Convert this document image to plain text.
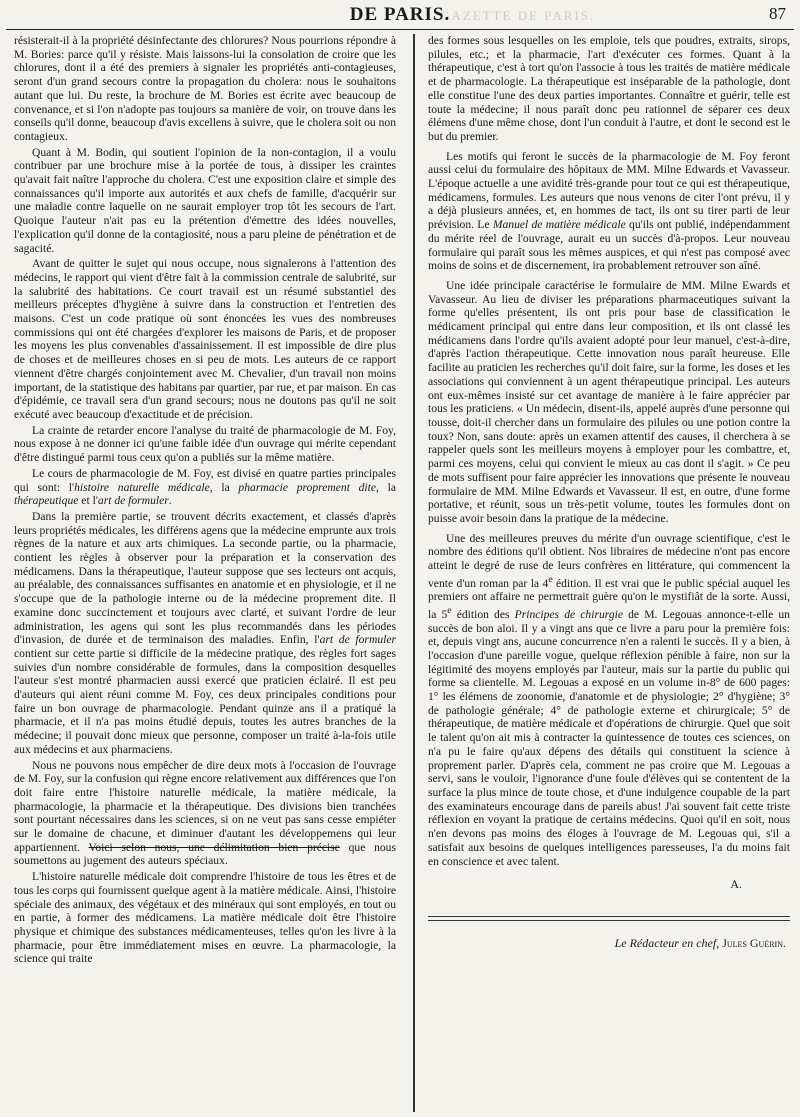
GAZETTE DE PARIS.
DE PARIS.	87

résisterait-il à la propriété désinfectante des chlorures? Nous pourrions répondre à M. Bories: parce qu'il y résiste. Mais laissons-lui la consolation de croire que les chlorures, dont il a été des premiers à signaler les propriétés anti-contagieuses, seront d'un grand secours contre la propagation du cholera: nous le souhaitons autant que lui. Du reste, la brochure de M. Bories est écrite avec beaucoup de convenance, et si l'on n'adopte pas toujours sa manière de voir, on trouve dans les conseils qu'il donne, beaucoup d'avis excellens à suivre, que le cholera soit ou non contagieux.

Quant à M. Bodin, qui soutient l'opinion de la non-contagion, il a voulu contribuer par une brochure mise à la portée de tous, à dissiper les craintes qu'avait fait naître l'approche du cholera. C'est une exposition claire et simple des connaissances qu'il importe aux autorités et aux chefs de famille, d'acquérir sur une maladie contre laquelle on ne saurait employer trop tôt les secours de l'art. Quoique l'auteur n'ait pas eu la prétention d'émettre des idées nouvelles, l'explication qu'il donne de la contagiosité, nous a paru pleine de pénétration et de sagacité.

Avant de quitter le sujet qui nous occupe, nous signalerons à l'attention des médecins, le rapport qui vient d'être fait à la commission centrale de salubrité, sur la salubrité des habitations. Ce court travail est un résumé substantiel des meilleurs préceptes d'hygiène à suivre dans la construction et l'entretien des maisons. C'est un code pratique où sont énoncées les vues des nombreuses commissions qui ont été chargées d'explorer les maisons de Paris, et de proposer les moyens les plus convenables d'assainissement. Il est impossible de dire plus de choses et de meilleures choses en si peu de mots. Les auteurs de ce rapport viennent d'être chargés conjointement avec M. Chevalier, d'un travail non moins important, de la statistique des habitans par quartier, par rue, et par maison. En cas d'épidémie, ce travail sera d'un grand secours; nous ne doutons pas qu'il ne soit exécuté avec beaucoup d'exactitude et de précision.

La crainte de retarder encore l'analyse du traité de pharmacologie de M. Foy, nous expose à ne donner ici qu'une faible idée d'un ouvrage qui mérite cependant d'être distingué parmi tous ceux qu'on a publiés sur la même matière.

Le cours de pharmacologie de M. Foy, est divisé en quatre parties principales qui sont: l'histoire naturelle médicale, la pharmacie proprement dite, la thérapeutique et l'art de formuler.

Dans la première partie, se trouvent décrits exactement, et classés d'après leurs propriétés médicales, les différens agens que la médecine emprunte aux trois règnes de la nature et aux arts chimiques. La seconde partie, ou la pharmacie, contient les règles à observer pour la préparation et la conservation des médicamens. Dans la thérapeutique, l'auteur suppose que ses lecteurs ont acquis, au préalable, des connaissances suffisantes en anatomie et en physiologie, et il ne s'occupe que de la pathologie interne ou de la médecine proprement dite. Il examine donc succinctement et toujours avec clarté, et suivant l'ordre de leur administration, les agens qui sont les plus recommandés dans les périodes d'invasion, de durée et de terminaison des maladies. Enfin, l'art de formuler contient sur cette partie si difficile de la médecine pratique, des règles fort sages suivies d'un nombre considérable de formules, dans la composition desquelles l'auteur s'est montré pharmacien aussi exercé que praticien éclairé. Il est peu d'auteurs qui aient réuni comme M. Foy, ces deux principales conditions pour faire un bon ouvrage de pharmacologie. Pendant quinze ans il a pratiqué la pharmacie, et il n'a pas moins étudié depuis, toutes les autres branches de la médecine; il pouvait donc mieux que personne, composer un traité à-la-fois utile aux médecins et aux pharmaciens.

Nous ne pouvons nous empêcher de dire deux mots à l'occasion de l'ouvrage de M. Foy, sur la confusion qui règne encore relativement aux différences que l'on doit faire entre l'histoire naturelle médicale, la matière médicale, la pharmacologie, la pharmacie et la thérapeutique. Des divisions bien tranchées sont pourtant nécessaires dans les sciences, si on ne veut pas sans cesse empiéter sur le domaine de chacune, et diminuer d'autant les développemens qui leur appartiennent. Voici selon nous, une délimitation bien précise que nous soumettons au jugement des auteurs spéciaux.

L'histoire naturelle médicale doit comprendre l'histoire de tous les êtres et de tous les corps qui fournissent quelque agent à la matière médicale. Ainsi, l'histoire spéciale des animaux, des végétaux et des minéraux qui sont employés, en tout ou en partie, à former des médicamens. La matière médicale doit être l'histoire physique et chimique des substances médicamenteuses, telles qu'on les livre à la pharmacie, pour être immédiatement mises en œuvre. La pharmacologie, la science qui traite

des formes sous lesquelles on les emploie, tels que poudres, extraits, sirops, pilules, etc.; et la pharmacie, l'art d'exécuter ces formes. Quant à la thérapeutique, c'est à tort qu'on l'associe à tous les traités de matière médicale et de pharmacologie. La thérapeutique est inséparable de la pathologie, dont elle constitue l'une des deux parties importantes. Connaître et guérir, telle est toute la médecine; il nous paraît donc peu rationnel de séparer ces deux élémens d'une même chose, dont l'un conduit à l'autre, et dont le second est le but du premier.

Les motifs qui feront le succès de la pharmacologie de M. Foy feront aussi celui du formulaire des hôpitaux de MM. Milne Edwards et Vavasseur. L'époque actuelle a une avidité très-grande pour tout ce qui est thérapeutique, médicamens, formules. Les auteurs que nous venons de citer l'ont prévu, il y a déjà plusieurs années, et, en hommes de tact, ils ont su tirer parti de leur prévision. Le Manuel de matière médicale qu'ils ont publié, indépendamment du mérite réel de l'ouvrage, aurait eu un succès d'à-propos. Leur nouveau formulaire qui paraît sous les mêmes auspices, et qui n'est pas composé avec moins de soins et de discernement, ira probablement retrouver son aîné.

Une idée principale caractérise le formulaire de MM. Milne Ewards et Vavasseur. Au lieu de diviser les préparations pharmaceutiques suivant la forme qu'elles présentent, ils ont pris pour base de classification le médicament principal qui entre dans leur composition, et ils ont classé les médicamens dans l'ordre qu'ils avaient adopté pour leur manuel, c'est-à-dire, d'après l'action thérapeutique. Cette innovation nous paraît heureuse. Elle facilite au praticien les recherches qu'il doit faire, sur la forme, les doses et les associations qui conviennent à un agent thérapeutique principal. Les auteurs ont eux-mêmes insisté sur cet avantage de manière à le faire apprécier par tous les praticiens. « Un médecin, disent-ils, appelé auprès d'une personne qui tousse, doit-il chercher dans un formulaire des pilules ou une potion contre la toux? Non, sans doute: après un examen attentif des causes, il cherchera à se rappeler quels sont les meilleurs moyens à employer pour les combattre, et, parmi ces moyens, celui qui convient le mieux au cas dont il s'agit. » Ce peu de mots suffisent pour faire apprécier les innovations que présente le nouveau formulaire de MM. Milne Edwards et Vavasseur. Il est, en outre, d'une forme portative, et réunit, sous un très-petit volume, toutes les formules dont on puisse avoir besoin dans la pratique de la médecine.

Une des meilleures preuves du mérite d'un ouvrage scientifique, c'est le nombre des éditions qu'il obtient. Nos libraires de médecine n'ont pas encore atteint le degré de ruse de leurs confrères en littérature, qui commencent la vente d'un roman par la 4e édition. Il est vrai que le public spécial auquel les premiers ont affaire ne permettrait guère qu'on le mystifiât de la sorte. Aussi, la 5e édition des Principes de chirurgie de M. Legouas annonce-t-elle un succès de bon aloi. Il y a vingt ans que ce livre a paru pour la première fois: et, depuis vingt ans, aucune concurrence n'en a ralenti le succès. Il y a bien, à l'occasion d'une pareille vogue, quelque réflexion pénible à faire, non sur la légitimité des moyens employés par l'auteur, mais sur la partie du public qui forme sa clientelle. M. Legouas a exposé en un volume in-8° de 600 pages: 1° les élémens de zoonomie, d'anatomie et de physiologie; 2° d'hygiène; 3° de pathologie générale; 4° de pathologie externe et chirurgicale; 5° de thérapeutique, de matière médicale et d'opérations de chirurgie. Quel que soit le talent qu'on ait mis à contracter la quintessence de toutes ces sciences, on n'a pu le faire qu'aux dépens des détails qui constituent la science à proprement parler. D'après cela, comment ne pas croire que M. Legouas a servi, sans le vouloir, l'ignorance d'une foule d'élèves qui se contentent de la surface la plus mince de toute chose, et d'une indulgence coupable de la part des examinateurs encourage dans de pareils abus! J'ai souvent fait cette triste réflexion en voyant la pratique de certains médecins. Quoi qu'il en soit, nous n'en devons pas moins des éloges à l'ouvrage de M. Legouas qui, s'il a satisfait aux besoins de quelques intelligences paresseuses, l'a du moins fait en conscience et avec talent.

A.
Le Rédacteur en chef, Jules Guérin.
